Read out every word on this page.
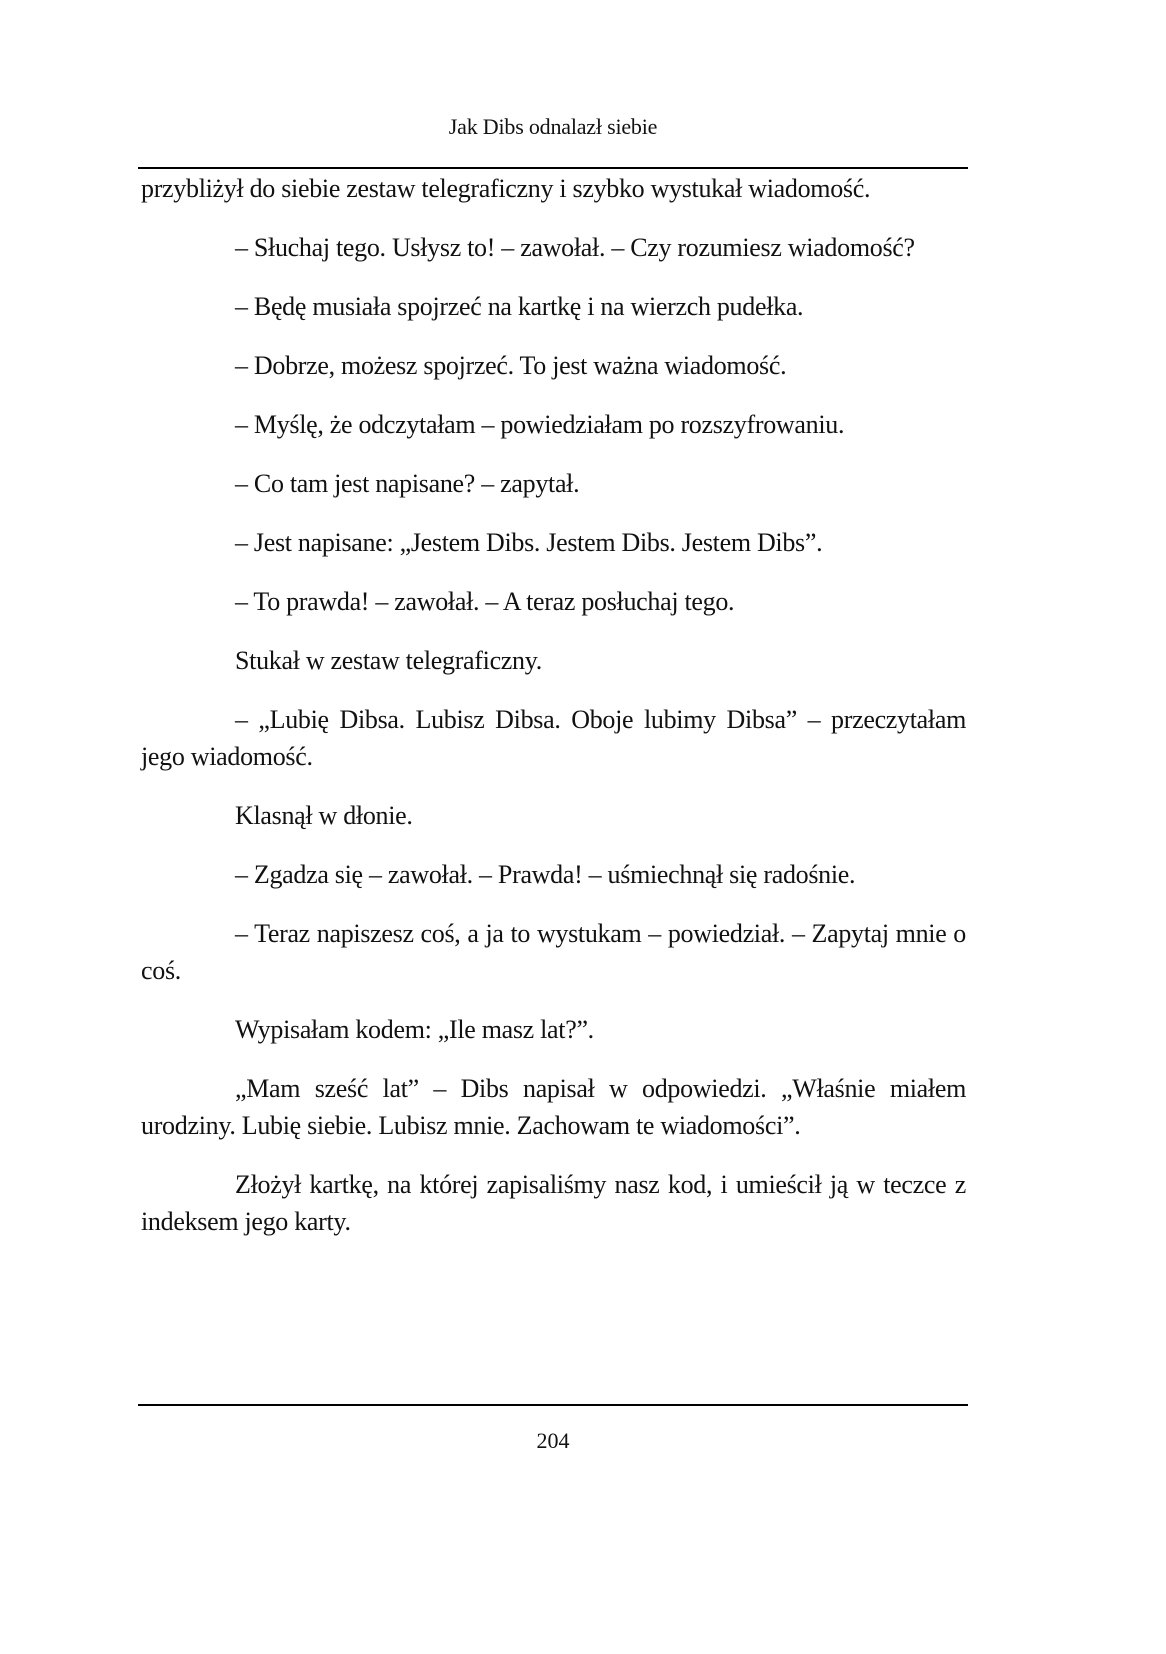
Jak Dibs odnalazł siebie

przybliżył do siebie zestaw telegraficzny i szybko wystukał wiadomość.

– Słuchaj tego. Usłysz to! – zawołał. – Czy rozumiesz wiadomość?

– Będę musiała spojrzeć na kartkę i na wierzch pudełka.

– Dobrze, możesz spojrzeć. To jest ważna wiadomość.

– Myślę, że odczytałam – powiedziałam po rozszyfrowaniu.

– Co tam jest napisane? – zapytał.

– Jest napisane: „Jestem Dibs. Jestem Dibs. Jestem Dibs”.

– To prawda! – zawołał. – A teraz posłuchaj tego.

Stukał w zestaw telegraficzny.

– „Lubię Dibsa. Lubisz Dibsa. Oboje lubimy Dibsa” – przeczytałam jego wiadomość.

Klasnął w dłonie.

– Zgadza się – zawołał. – Prawda! – uśmiechnął się radośnie.

– Teraz napiszesz coś, a ja to wystukam – powiedział. – Zapytaj mnie o coś.

Wypisałam kodem: „Ile masz lat?”.

„Mam sześć lat” – Dibs napisał w odpowiedzi. „Właśnie miałem urodziny. Lubię siebie. Lubisz mnie. Zachowam te wiadomości”.

Złożył kartkę, na której zapisaliśmy nasz kod, i umieścił ją w teczce z indeksem jego karty.

204
